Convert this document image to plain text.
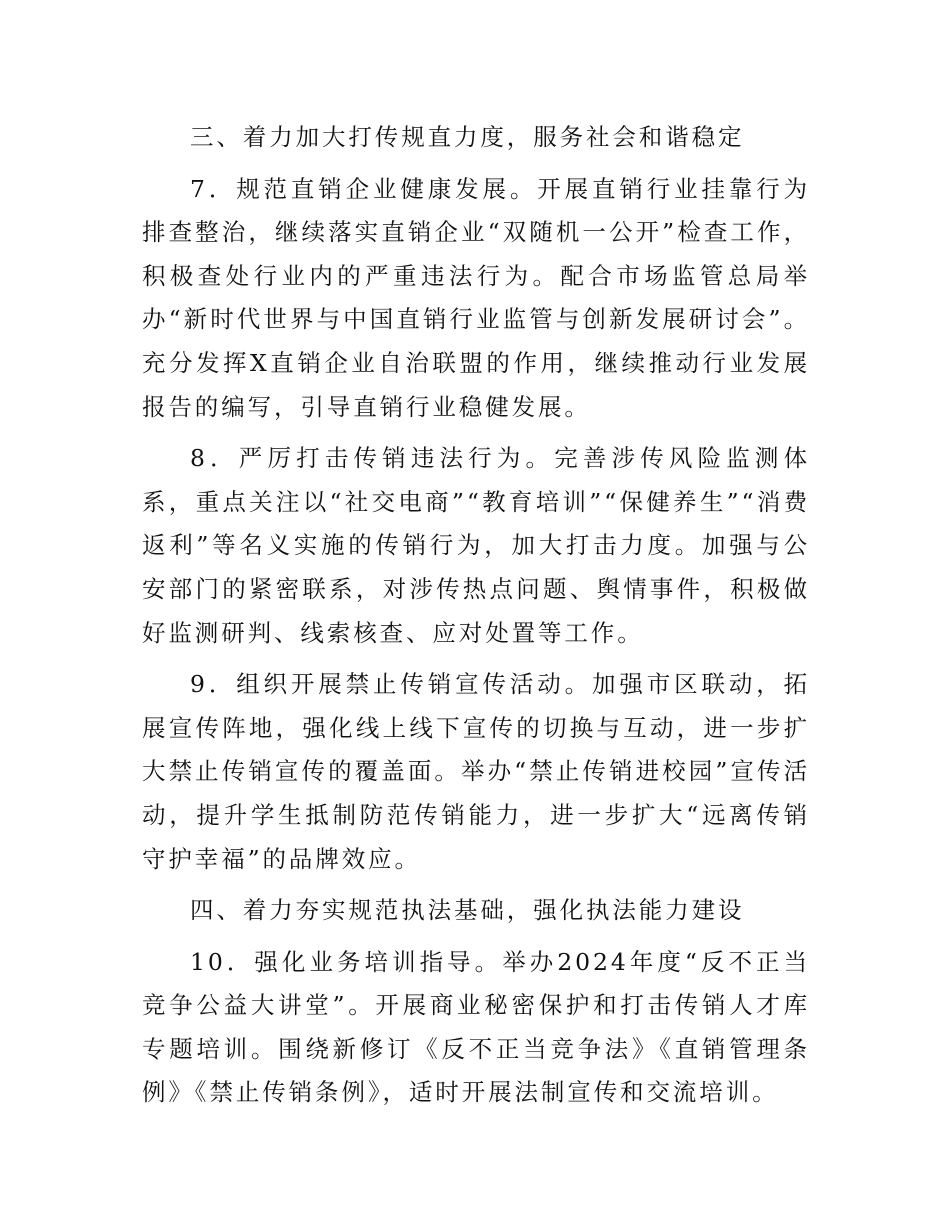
三、着力加大打传规直力度，服务社会和谐稳定

7．规范直销企业健康发展。开展直销行业挂靠行为排查整治，继续落实直销企业“双随机一公开”检查工作，积极查处行业内的严重违法行为。配合市场监管总局举办“新时代世界与中国直销行业监管与创新发展研讨会”。充分发挥X直销企业自治联盟的作用，继续推动行业发展报告的编写，引导直销行业稳健发展。

8．严厉打击传销违法行为。完善涉传风险监测体系，重点关注以“社交电商”“教育培训”“保健养生”“消费返利”等名义实施的传销行为，加大打击力度。加强与公安部门的紧密联系，对涉传热点问题、舆情事件，积极做好监测研判、线索核查、应对处置等工作。

9．组织开展禁止传销宣传活动。加强市区联动，拓展宣传阵地，强化线上线下宣传的切换与互动，进一步扩大禁止传销宣传的覆盖面。举办“禁止传销进校园”宣传活动，提升学生抵制防范传销能力，进一步扩大“远离传销守护幸福”的品牌效应。

四、着力夯实规范执法基础，强化执法能力建设

10．强化业务培训指导。举办2024年度“反不正当竞争公益大讲堂”。开展商业秘密保护和打击传销人才库专题培训。围绕新修订《反不正当竞争法》《直销管理条例》《禁止传销条例》，适时开展法制宣传和交流培训。
